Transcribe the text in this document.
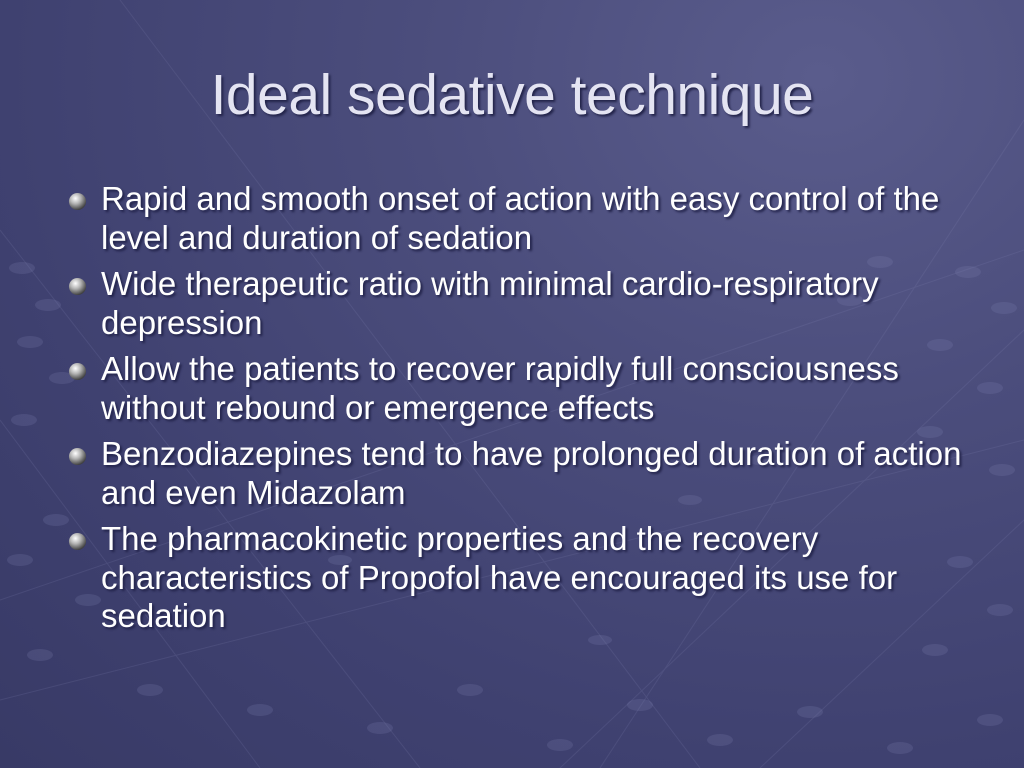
Ideal sedative technique
Rapid and smooth onset of action with easy control of the level and duration of sedation
Wide therapeutic ratio with minimal cardio-respiratory depression
Allow the patients to recover rapidly full consciousness without rebound or emergence effects
Benzodiazepines tend to have prolonged duration of action and even Midazolam
The pharmacokinetic properties and the recovery characteristics of Propofol have encouraged its use for sedation
